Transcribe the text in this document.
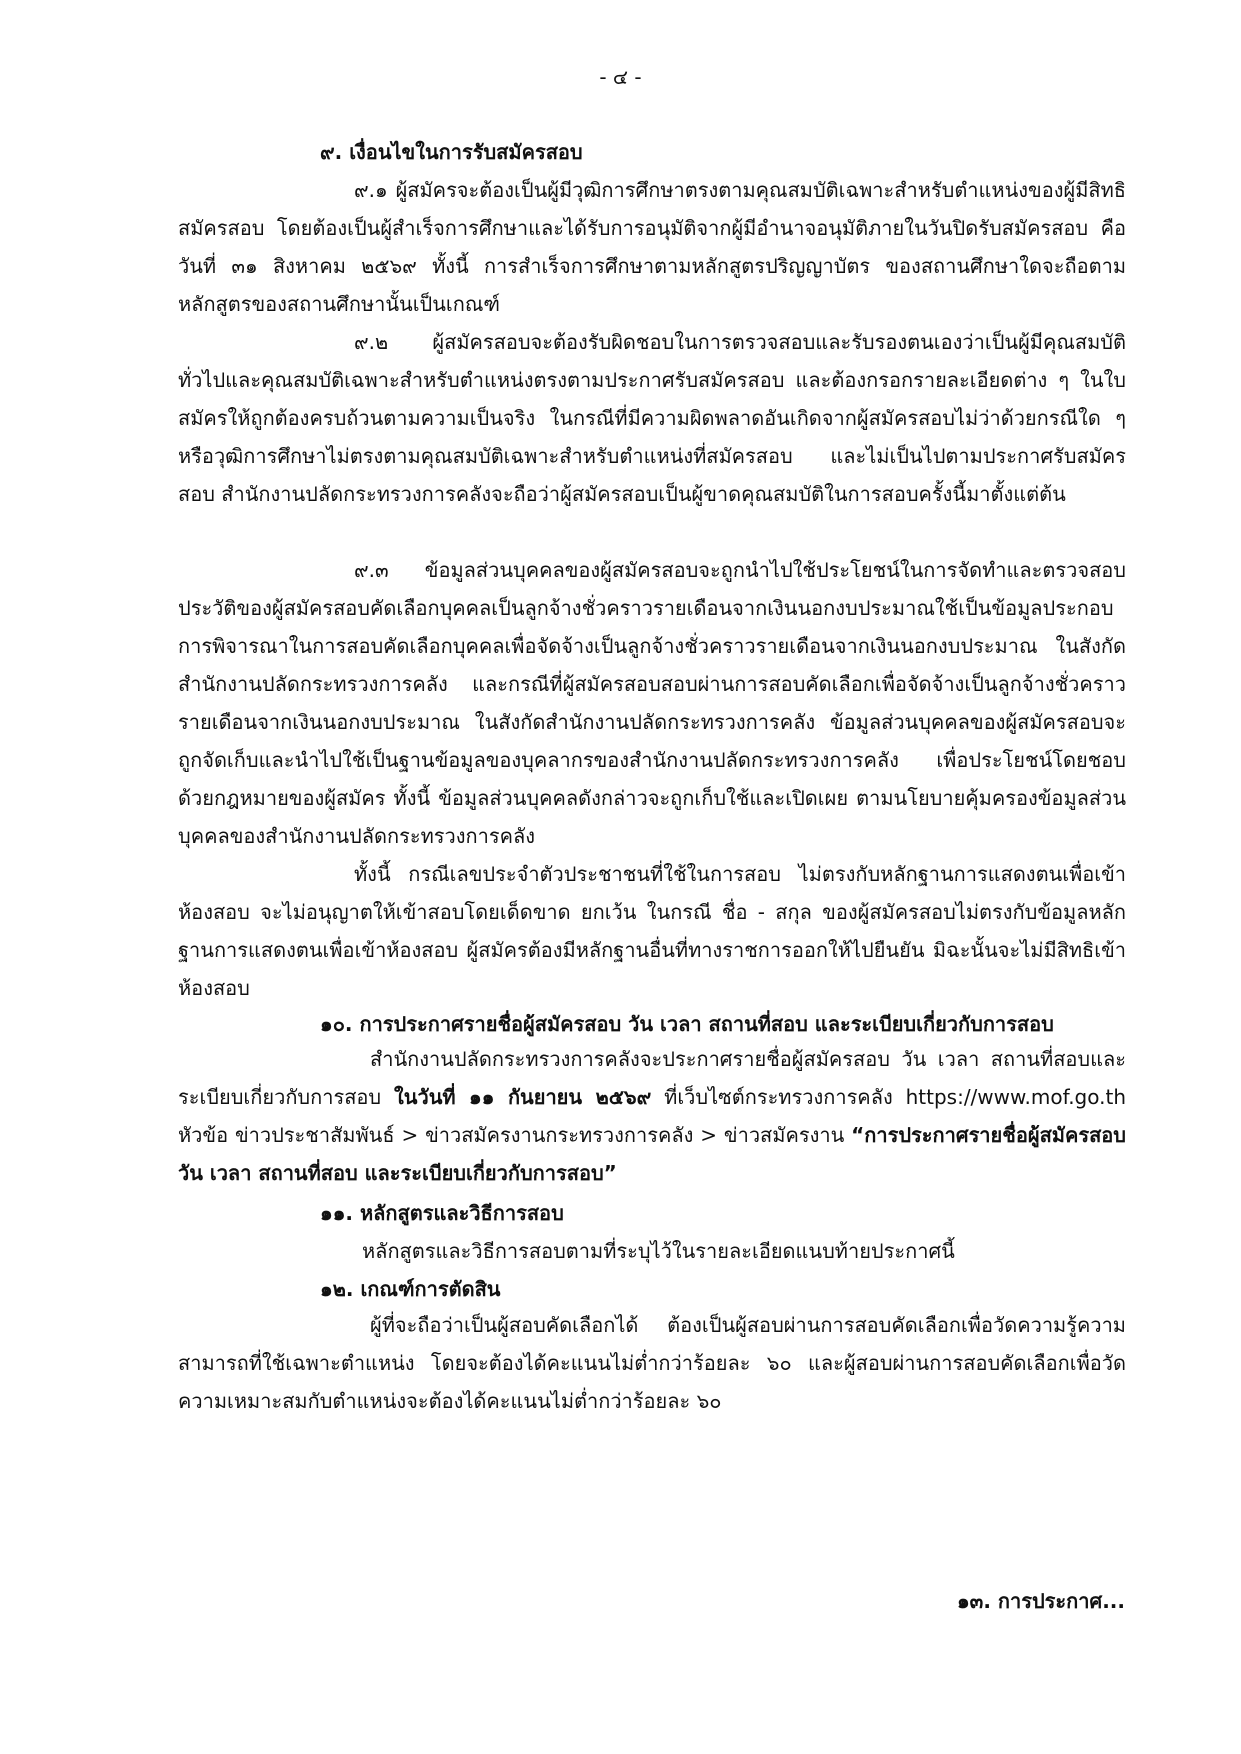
- ๔ -
๙. เงื่อนไขในการรับสมัครสอบ

๙.๑ ผู้สมัครจะต้องเป็นผู้มีวุฒิการศึกษาตรงตามคุณสมบัติเฉพาะสำหรับตำแหน่งของผู้มีสิทธิสมัครสอบ โดยต้องเป็นผู้สำเร็จการศึกษาและได้รับการอนุมัติจากผู้มีอำนาจอนุมัติภายในวันปิดรับสมัครสอบ คือ วันที่ ๓๑ สิงหาคม ๒๕๖๙ ทั้งนี้ การสำเร็จการศึกษาตามหลักสูตรปริญญาบัตร ของสถานศึกษาใดจะถือตามหลักสูตรของสถานศึกษานั้นเป็นเกณฑ์

๙.๒ ผู้สมัครสอบจะต้องรับผิดชอบในการตรวจสอบและรับรองตนเองว่าเป็นผู้มีคุณสมบัติทั่วไปและคุณสมบัติเฉพาะสำหรับตำแหน่งตรงตามประกาศรับสมัครสอบ และต้องกรอกรายละเอียดต่าง ๆ ในใบสมัครให้ถูกต้องครบถ้วนตามความเป็นจริง ในกรณีที่มีความผิดพลาดอันเกิดจากผู้สมัครสอบไม่ว่าด้วยกรณีใด ๆ หรือวุฒิการศึกษาไม่ตรงตามคุณสมบัติเฉพาะสำหรับตำแหน่งที่สมัครสอบ และไม่เป็นไปตามประกาศรับสมัครสอบ สำนักงานปลัดกระทรวงการคลังจะถือว่าผู้สมัครสอบเป็นผู้ขาดคุณสมบัติในการสอบครั้งนี้มาตั้งแต่ต้น

๙.๓ ข้อมูลส่วนบุคคลของผู้สมัครสอบจะถูกนำไปใช้ประโยชน์ในการจัดทำและตรวจสอบประวัติของผู้สมัครสอบคัดเลือกบุคคลเป็นลูกจ้างชั่วคราวรายเดือนจากเงินนอกงบประมาณใช้เป็นข้อมูลประกอบการพิจารณาในการสอบคัดเลือกบุคคลเพื่อจัดจ้างเป็นลูกจ้างชั่วคราวรายเดือนจากเงินนอกงบประมาณ ในสังกัดสำนักงานปลัดกระทรวงการคลัง และกรณีที่ผู้สมัครสอบสอบผ่านการสอบคัดเลือกเพื่อจัดจ้างเป็นลูกจ้างชั่วคราวรายเดือนจากเงินนอกงบประมาณ ในสังกัดสำนักงานปลัดกระทรวงการคลัง ข้อมูลส่วนบุคคลของผู้สมัครสอบจะถูกจัดเก็บและนำไปใช้เป็นฐานข้อมูลของบุคลากรของสำนักงานปลัดกระทรวงการคลัง เพื่อประโยชน์โดยชอบด้วยกฎหมายของผู้สมัคร ทั้งนี้ ข้อมูลส่วนบุคคลดังกล่าวจะถูกเก็บใช้และเปิดเผย ตามนโยบายคุ้มครองข้อมูลส่วนบุคคลของสำนักงานปลัดกระทรวงการคลัง

ทั้งนี้ กรณีเลขประจำตัวประชาชนที่ใช้ในการสอบ ไม่ตรงกับหลักฐานการแสดงตนเพื่อเข้าห้องสอบ จะไม่อนุญาตให้เข้าสอบโดยเด็ดขาด ยกเว้น ในกรณี ชื่อ - สกุล ของผู้สมัครสอบไม่ตรงกับข้อมูลหลักฐานการแสดงตนเพื่อเข้าห้องสอบ ผู้สมัครต้องมีหลักฐานอื่นที่ทางราชการออกให้ไปยืนยัน มิฉะนั้นจะไม่มีสิทธิเข้าห้องสอบ

๑๐. การประกาศรายชื่อผู้สมัครสอบ วัน เวลา สถานที่สอบ และระเบียบเกี่ยวกับการสอบ

สำนักงานปลัดกระทรวงการคลังจะประกาศรายชื่อผู้สมัครสอบ วัน เวลา สถานที่สอบและระเบียบเกี่ยวกับการสอบ ในวันที่ ๑๑ กันยายน ๒๕๖๙ ที่เว็บไซต์กระทรวงการคลัง https://www.mof.go.th หัวข้อ ข่าวประชาสัมพันธ์ > ข่าวสมัครงานกระทรวงการคลัง > ข่าวสมัครงาน “การประกาศรายชื่อผู้สมัครสอบ วัน เวลา สถานที่สอบ และระเบียบเกี่ยวกับการสอบ”

๑๑. หลักสูตรและวิธีการสอบ
หลักสูตรและวิธีการสอบตามที่ระบุไว้ในรายละเอียดแนบท้ายประกาศนี้
๑๒. เกณฑ์การตัดสิน

ผู้ที่จะถือว่าเป็นผู้สอบคัดเลือกได้ ต้องเป็นผู้สอบผ่านการสอบคัดเลือกเพื่อวัดความรู้ความสามารถที่ใช้เฉพาะตำแหน่ง โดยจะต้องได้คะแนนไม่ต่ำกว่าร้อยละ ๖๐ และผู้สอบผ่านการสอบคัดเลือกเพื่อวัดความเหมาะสมกับตำแหน่งจะต้องได้คะแนนไม่ต่ำกว่าร้อยละ ๖๐

๑๓. การประกาศ...
